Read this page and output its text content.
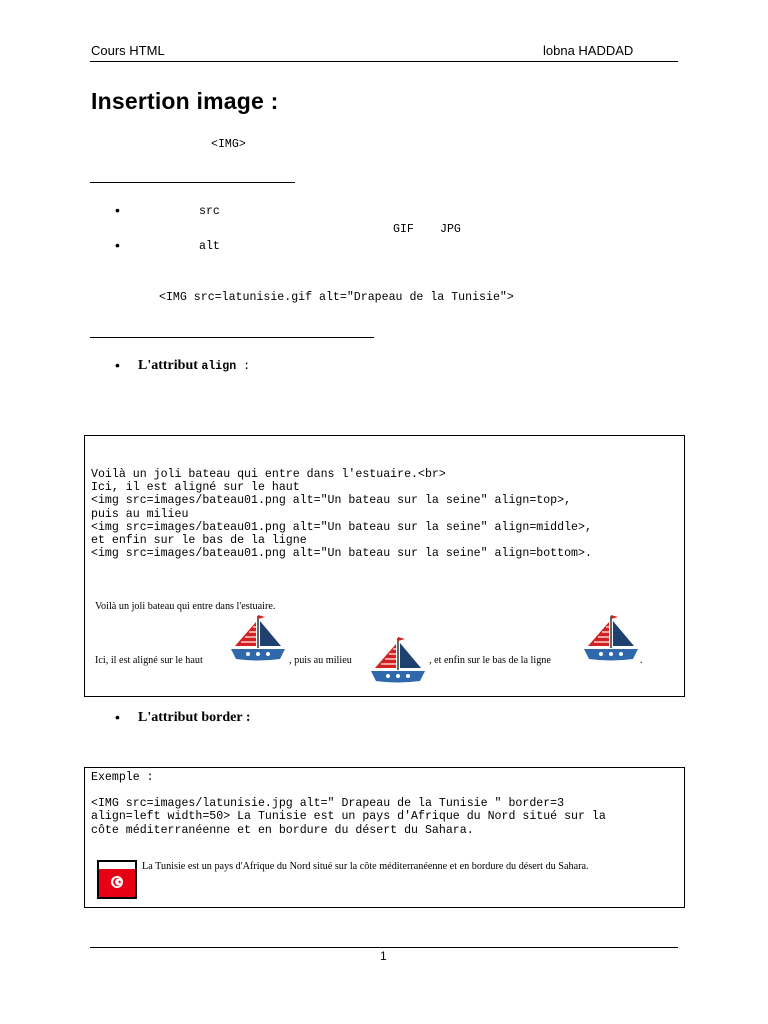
Cours HTML	lobna HADDAD
Insertion image :
<IMG>
•	src
GIF JPG
•	alt
<IMG src=latunisie.gif alt="Drapeau de la Tunisie">
• L'attribut align :
Voilà un joli bateau qui entre dans l'estuaire.<br>
Ici, il est aligné sur le haut
<img src=images/bateau01.png alt="Un bateau sur la seine" align=top>,
puis au milieu
<img src=images/bateau01.png alt="Un bateau sur la seine" align=middle>,
et enfin sur le bas de la ligne
<img src=images/bateau01.png alt="Un bateau sur la seine" align=bottom>.
Voilà un joli bateau qui entre dans l'estuaire.
Ici, il est aligné sur le haut	, puis au milieu	, et enfin sur le bas de la ligne	.
• L'attribut border :
Exemple :
<IMG src=images/latunisie.jpg alt=" Drapeau de la Tunisie " border=3
align=left width=50> La Tunisie est un pays d'Afrique du Nord situé sur la
côte méditerranéenne et en bordure du désert du Sahara.
La Tunisie est un pays d'Afrique du Nord situé sur la côte méditerranéenne et en bordure du désert du Sahara.
1
